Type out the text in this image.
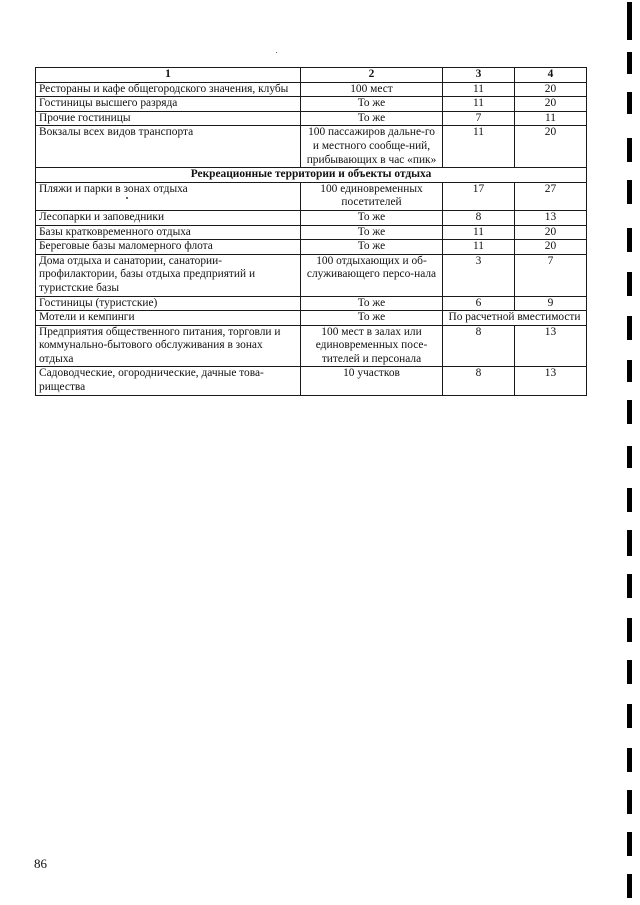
1	2	3	4
Рестораны и кафе общегородского значения, клубы	100 мест	11	20
Гостиницы высшего разряда	То же	11	20
Прочие гостиницы	То же	7	11
Вокзалы всех видов транспорта	100 пассажиров дальне-го и местного сообще-ний, прибывающих в час «пик»	11	20
Рекреационные территории и объекты отдыха			
Пляжи и парки в зонах отдыха	100 единовременных посетителей	17	27
Лесопарки и заповедники	То же	8	13
Базы кратковременного отдыха	То же	11	20
Береговые базы маломерного флота	То же	11	20
Дома отдыха и санатории, санатории-профилактории, базы отдыха предприятий и туристские базы	100 отдыхающих и об-служивающего персо-нала	3	7
Гостиницы (туристские)	То же	6	9
Мотели и кемпинги	То же	По расчетной вместимости	
Предприятия общественного питания, торговли и коммунально-бытового обслуживания в зонах отдыха	100 мест в залах или единовременных посе-тителей и персонала	8	13
Садоводческие, огороднические, дачные това-рищества	10 участков	8	13
86
